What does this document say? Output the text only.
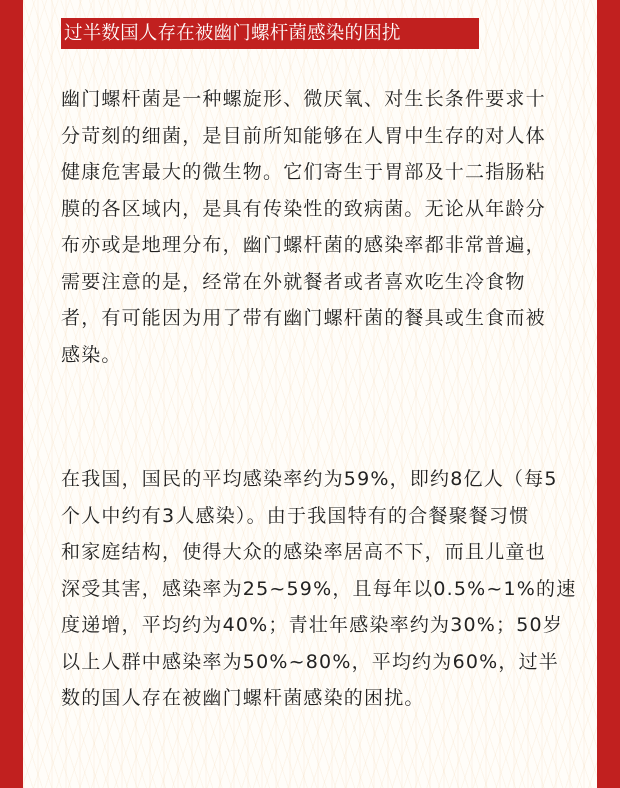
过半数国人存在被幽门螺杆菌感染的困扰

幽门螺杆菌是一种螺旋形、微厌氧、对生长条件要求十
分苛刻的细菌，是目前所知能够在人胃中生存的对人体
健康危害最大的微生物。它们寄生于胃部及十二指肠粘
膜的各区域内，是具有传染性的致病菌。无论从年龄分
布亦或是地理分布，幽门螺杆菌的感染率都非常普遍，
需要注意的是，经常在外就餐者或者喜欢吃生冷食物
者，有可能因为用了带有幽门螺杆菌的餐具或生食而被
感染。

在我国，国民的平均感染率约为59%，即约8亿人（每5
个人中约有3人感染）。由于我国特有的合餐聚餐习惯
和家庭结构，使得大众的感染率居高不下，而且儿童也
深受其害，感染率为25~59%，且每年以0.5%~1%的速
度递增，平均约为40%；青壮年感染率约为30%；50岁
以上人群中感染率为50%~80%，平均约为60%，过半
数的国人存在被幽门螺杆菌感染的困扰。
